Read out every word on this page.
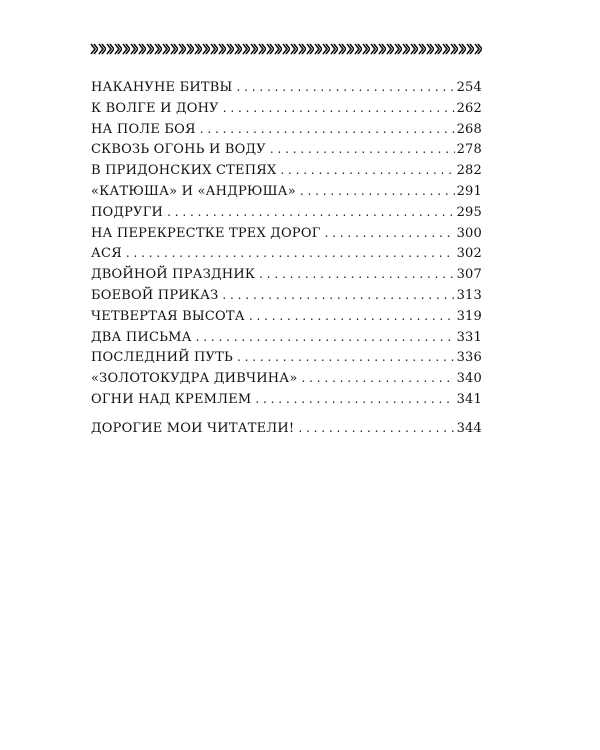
НАКАНУНЕ БИТВЫ . . .	254
К ВОЛГЕ И ДОНУ . . .	262
НА ПОЛЕ БОЯ . . .	268
СКВОЗЬ ОГОНЬ И ВОДУ . . .	278
В ПРИДОНСКИХ СТЕПЯХ . . .	282
«КАТЮША» И «АНДРЮША» . . .	291
ПОДРУГИ . . .	295
НА ПЕРЕКРЕСТКЕ ТРЕХ ДОРОГ . . .	300
АСЯ . . .	302
ДВОЙНОЙ ПРАЗДНИК . . .	307
БОЕВОЙ ПРИКАЗ . . .	313
ЧЕТВЕРТАЯ ВЫСОТА . . .	319
ДВА ПИСЬМА . . .	331
ПОСЛЕДНИЙ ПУТЬ . . .	336
«ЗОЛОТОКУДРА ДИВЧИНА» . . .	340
ОГНИ НАД КРЕМЛЕМ . . .	341
ДОРОГИЕ МОИ ЧИТАТЕЛИ! . . .	344
